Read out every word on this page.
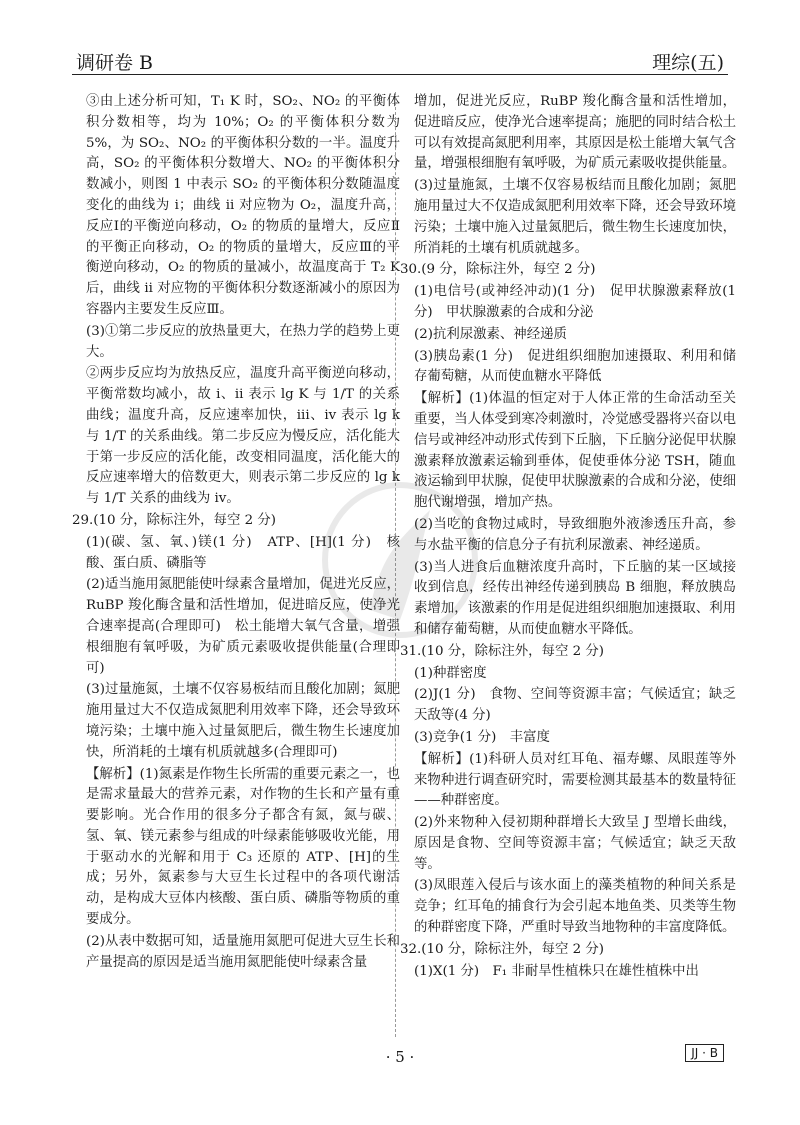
调研卷 B	理综(五)

③由上述分析可知，T₁ K 时，SO₂、NO₂ 的平衡体积分数相等，均为 10%；O₂ 的平衡体积分数为 5%，为 SO₂、NO₂ 的平衡体积分数的一半。温度升高，SO₂ 的平衡体积分数增大、NO₂ 的平衡体积分数减小，则图 1 中表示 SO₂ 的平衡体积分数随温度变化的曲线为 i；曲线 ii 对应物为 O₂，温度升高，反应Ⅰ的平衡逆向移动，O₂ 的物质的量增大，反应Ⅱ的平衡正向移动，O₂ 的物质的量增大，反应Ⅲ的平衡逆向移动，O₂ 的物质的量减小，故温度高于 T₂ K 后，曲线 ii 对应物的平衡体积分数逐渐减小的原因为容器内主要发生反应Ⅲ。

(3)①第二步反应的放热量更大，在热力学的趋势上更大。

②两步反应均为放热反应，温度升高平衡逆向移动，平衡常数均减小，故 i、ii 表示 lg K 与 1/T 的关系曲线；温度升高，反应速率加快，iii、iv 表示 lg k 与 1/T 的关系曲线。第二步反应为慢反应，活化能大于第一步反应的活化能，改变相同温度，活化能大的反应速率增大的倍数更大，则表示第二步反应的 lg k 与 1/T 关系的曲线为 iv。

29.(10 分，除标注外，每空 2 分)

(1)(碳、氢、氧、)镁(1 分)　ATP、[H](1 分)　核酸、蛋白质、磷脂等

(2)适当施用氮肥能使叶绿素含量增加，促进光反应，RuBP 羧化酶含量和活性增加，促进暗反应，使净光合速率提高(合理即可)　松土能增大氧气含量，增强根细胞有氧呼吸，为矿质元素吸收提供能量(合理即可)

(3)过量施氮，土壤不仅容易板结而且酸化加剧；氮肥施用量过大不仅造成氮肥利用效率下降，还会导致环境污染；土壤中施入过量氮肥后，微生物生长速度加快，所消耗的土壤有机质就越多(合理即可)

【解析】(1)氮素是作物生长所需的重要元素之一，也是需求量最大的营养元素，对作物的生长和产量有重要影响。光合作用的很多分子都含有氮，氮与碳、氢、氧、镁元素参与组成的叶绿素能够吸收光能，用于驱动水的光解和用于 C₃ 还原的 ATP、[H]的生成；另外，氮素参与大豆生长过程中的各项代谢活动，是构成大豆体内核酸、蛋白质、磷脂等物质的重要成分。

(2)从表中数据可知，适量施用氮肥可促进大豆生长和产量提高的原因是适当施用氮肥能使叶绿素含量

增加，促进光反应，RuBP 羧化酶含量和活性增加，促进暗反应，使净光合速率提高；施肥的同时结合松土可以有效提高氮肥利用率，其原因是松土能增大氧气含量，增强根细胞有氧呼吸，为矿质元素吸收提供能量。

(3)过量施氮，土壤不仅容易板结而且酸化加剧；氮肥施用量过大不仅造成氮肥利用效率下降，还会导致环境污染；土壤中施入过量氮肥后，微生物生长速度加快，所消耗的土壤有机质就越多。

30.(9 分，除标注外，每空 2 分)

(1)电信号(或神经冲动)(1 分)　促甲状腺激素释放(1 分)　甲状腺激素的合成和分泌

(2)抗利尿激素、神经递质

(3)胰岛素(1 分)　促进组织细胞加速摄取、利用和储存葡萄糖，从而使血糖水平降低

【解析】(1)体温的恒定对于人体正常的生命活动至关重要，当人体受到寒冷刺激时，冷觉感受器将兴奋以电信号或神经冲动形式传到下丘脑，下丘脑分泌促甲状腺激素释放激素运输到垂体，促使垂体分泌 TSH，随血液运输到甲状腺，促使甲状腺激素的合成和分泌，使细胞代谢增强，增加产热。

(2)当吃的食物过咸时，导致细胞外液渗透压升高，参与水盐平衡的信息分子有抗利尿激素、神经递质。

(3)当人进食后血糖浓度升高时，下丘脑的某一区域接收到信息，经传出神经传递到胰岛 B 细胞，释放胰岛素增加，该激素的作用是促进组织细胞加速摄取、利用和储存葡萄糖，从而使血糖水平降低。

31.(10 分，除标注外，每空 2 分)

(1)种群密度

(2)J(1 分)　食物、空间等资源丰富；气候适宜；缺乏天敌等(4 分)

(3)竞争(1 分)　丰富度

【解析】(1)科研人员对红耳龟、福寿螺、凤眼莲等外来物种进行调查研究时，需要检测其最基本的数量特征——种群密度。

(2)外来物种入侵初期种群增长大致呈 J 型增长曲线，原因是食物、空间等资源丰富；气候适宜；缺乏天敌等。

(3)凤眼莲入侵后与该水面上的藻类植物的种间关系是竞争；红耳龟的捕食行为会引起本地鱼类、贝类等生物的种群密度下降，严重时导致当地物种的丰富度降低。

32.(10 分，除标注外，每空 2 分)

(1)X(1 分)　F₁ 非耐旱性植株只在雄性植株中出

· 5 ·	JJ · B
